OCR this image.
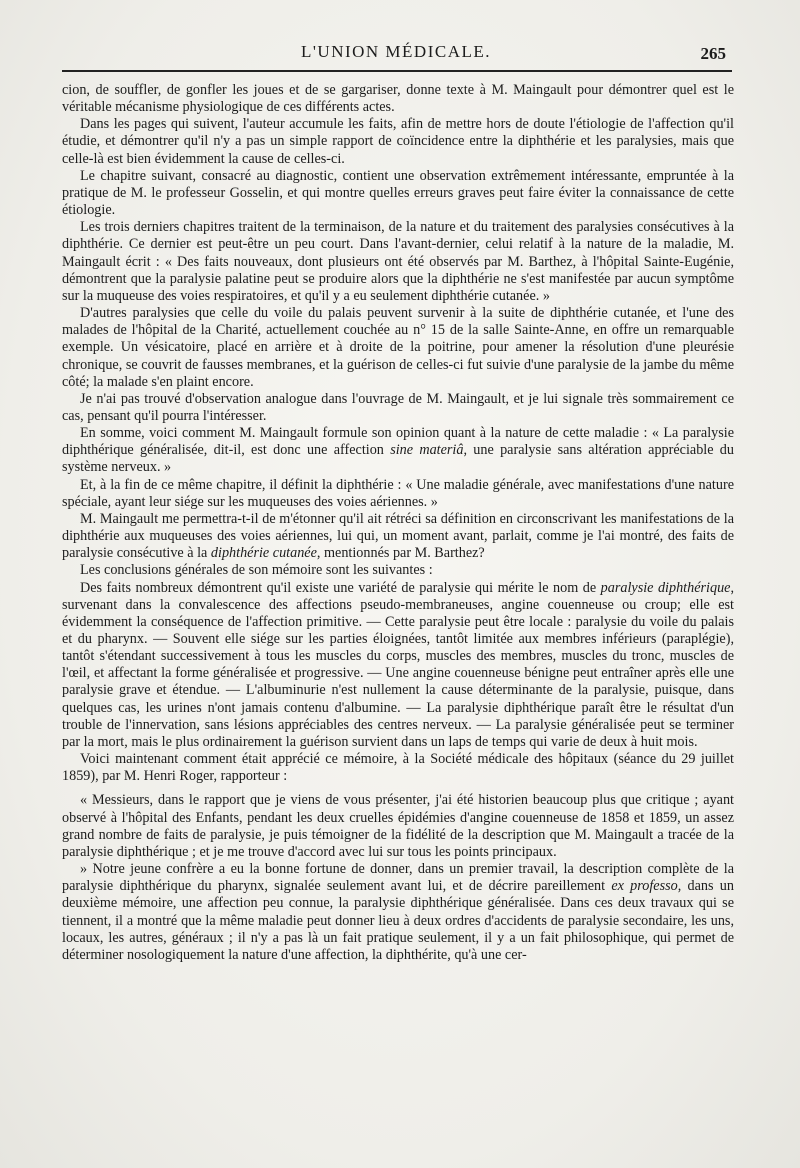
L'UNION MÉDICALE.	265

cion, de souffler, de gonfler les joues et de se gargariser, donne texte à M. Maingault pour démontrer quel est le véritable mécanisme physiologique de ces différents actes.

Dans les pages qui suivent, l'auteur accumule les faits, afin de mettre hors de doute l'étiologie de l'affection qu'il étudie, et démontrer qu'il n'y a pas un simple rapport de coïncidence entre la diphthérie et les paralysies, mais que celle-là est bien évidemment la cause de celles-ci.

Le chapitre suivant, consacré au diagnostic, contient une observation extrêmement intéressante, empruntée à la pratique de M. le professeur Gosselin, et qui montre quelles erreurs graves peut faire éviter la connaissance de cette étiologie.

Les trois derniers chapitres traitent de la terminaison, de la nature et du traitement des paralysies consécutives à la diphthérie. Ce dernier est peut-être un peu court. Dans l'avant-dernier, celui relatif à la nature de la maladie, M. Maingault écrit : « Des faits nouveaux, dont plusieurs ont été observés par M. Barthez, à l'hôpital Sainte-Eugénie, démontrent que la paralysie palatine peut se produire alors que la diphthérie ne s'est manifestée par aucun symptôme sur la muqueuse des voies respiratoires, et qu'il y a eu seulement diphthérie cutanée. »

D'autres paralysies que celle du voile du palais peuvent survenir à la suite de diphthérie cutanée, et l'une des malades de l'hôpital de la Charité, actuellement couchée au n° 15 de la salle Sainte-Anne, en offre un remarquable exemple. Un vésicatoire, placé en arrière et à droite de la poitrine, pour amener la résolution d'une pleurésie chronique, se couvrit de fausses membranes, et la guérison de celles-ci fut suivie d'une paralysie de la jambe du même côté; la malade s'en plaint encore.

Je n'ai pas trouvé d'observation analogue dans l'ouvrage de M. Maingault, et je lui signale très sommairement ce cas, pensant qu'il pourra l'intéresser.

En somme, voici comment M. Maingault formule son opinion quant à la nature de cette maladie : « La paralysie diphthérique généralisée, dit-il, est donc une affection sine materiâ, une paralysie sans altération appréciable du système nerveux. »

Et, à la fin de ce même chapitre, il définit la diphthérie : « Une maladie générale, avec manifestations d'une nature spéciale, ayant leur siége sur les muqueuses des voies aériennes. »

M. Maingault me permettra-t-il de m'étonner qu'il ait rétréci sa définition en circonscrivant les manifestations de la diphthérie aux muqueuses des voies aériennes, lui qui, un moment avant, parlait, comme je l'ai montré, des faits de paralysie consécutive à la diphthérie cutanée, mentionnés par M. Barthez?

Les conclusions générales de son mémoire sont les suivantes :

Des faits nombreux démontrent qu'il existe une variété de paralysie qui mérite le nom de paralysie diphthérique, survenant dans la convalescence des affections pseudo-membraneuses, angine couenneuse ou croup; elle est évidemment la conséquence de l'affection primitive. — Cette paralysie peut être locale : paralysie du voile du palais et du pharynx. — Souvent elle siége sur les parties éloignées, tantôt limitée aux membres inférieurs (paraplégie), tantôt s'étendant successivement à tous les muscles du corps, muscles des membres, muscles du tronc, muscles de l'œil, et affectant la forme généralisée et progressive. — Une angine couenneuse bénigne peut entraîner après elle une paralysie grave et étendue. — L'albuminurie n'est nullement la cause déterminante de la paralysie, puisque, dans quelques cas, les urines n'ont jamais contenu d'albumine. — La paralysie diphthérique paraît être le résultat d'un trouble de l'innervation, sans lésions appréciables des centres nerveux. — La paralysie généralisée peut se terminer par la mort, mais le plus ordinairement la guérison survient dans un laps de temps qui varie de deux à huit mois.

Voici maintenant comment était apprécié ce mémoire, à la Société médicale des hôpitaux (séance du 29 juillet 1859), par M. Henri Roger, rapporteur :

« Messieurs, dans le rapport que je viens de vous présenter, j'ai été historien beaucoup plus que critique ; ayant observé à l'hôpital des Enfants, pendant les deux cruelles épidémies d'angine couenneuse de 1858 et 1859, un assez grand nombre de faits de paralysie, je puis témoigner de la fidélité de la description que M. Maingault a tracée de la paralysie diphthérique ; et je me trouve d'accord avec lui sur tous les points principaux.

» Notre jeune confrère a eu la bonne fortune de donner, dans un premier travail, la description complète de la paralysie diphthérique du pharynx, signalée seulement avant lui, et de décrire pareillement ex professo, dans un deuxième mémoire, une affection peu connue, la paralysie diphthérique généralisée. Dans ces deux travaux qui se tiennent, il a montré que la même maladie peut donner lieu à deux ordres d'accidents de paralysie secondaire, les uns, locaux, les autres, généraux ; il n'y a pas là un fait pratique seulement, il y a un fait philosophique, qui permet de déterminer nosologiquement la nature d'une affection, la diphthérite, qu'à une cer-
